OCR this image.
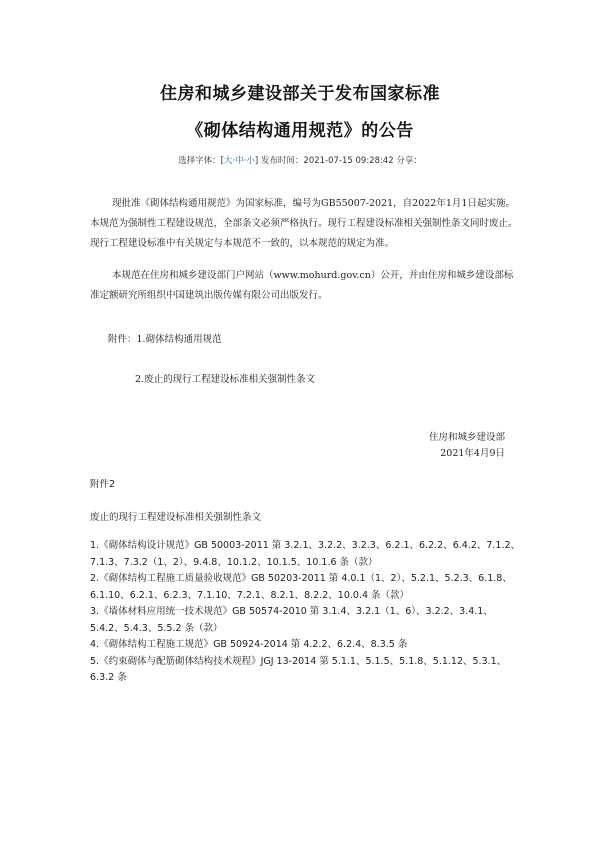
住房和城乡建设部关于发布国家标准
《砌体结构通用规范》的公告
选择字体：[大·中·小] 发布时间：2021-07-15 09:28:42 分享：
现批准《砌体结构通用规范》为国家标准，编号为GB55007-2021，自2022年1月1日起实施。本规范为强制性工程建设规范，全部条文必须严格执行。现行工程建设标准相关强制性条文同时废止。现行工程建设标准中有关规定与本规范不一致的，以本规范的规定为准。
本规范在住房和城乡建设部门户网站（www.mohurd.gov.cn）公开，并由住房和城乡建设部标准定额研究所组织中国建筑出版传媒有限公司出版发行。
附件：1.砌体结构通用规范
2.废止的现行工程建设标准相关强制性条文
住房和城乡建设部
2021年4月9日
附件2
废止的现行工程建设标准相关强制性条文

1.《砌体结构设计规范》GB 50003-2011 第 3.2.1、3.2.2、3.2.3、6.2.1、6.2.2、6.4.2、7.1.2、7.1.3、7.3.2（1、2）、9.4.8、10.1.2、10.1.5、10.1.6 条（款）

2.《砌体结构工程施工质量验收规范》GB 50203-2011 第 4.0.1（1、2）、5.2.1、5.2.3、6.1.8、6.1.10、6.2.1、6.2.3、7.1.10、7.2.1、8.2.1、8.2.2、10.0.4 条（款）

3.《墙体材料应用统一技术规范》GB 50574-2010 第 3.1.4、3.2.1（1、6）、3.2.2、3.4.1、5.4.2、5.4.3、5.5.2 条（款）

4.《砌体结构工程施工规范》GB 50924-2014 第 4.2.2、6.2.4、8.3.5 条

5.《约束砌体与配筋砌体结构技术规程》JGJ 13-2014 第 5.1.1、5.1.5、5.1.8、5.1.12、5.3.1、6.3.2 条
